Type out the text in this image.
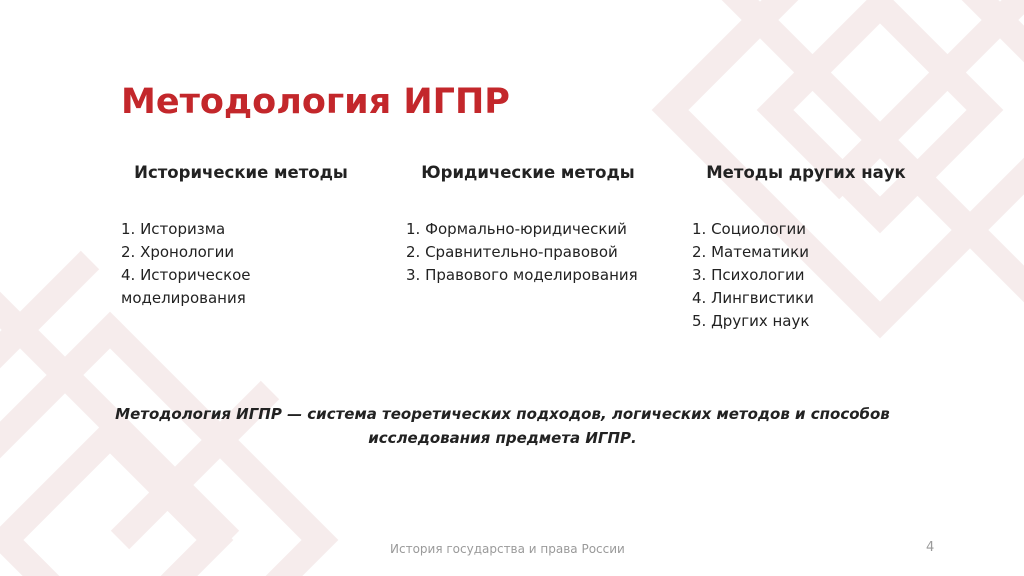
Методология ИГПР

Исторические методы

1. Историзма
2. Хронологии
4. Историческое моделирования

Юридические методы

1. Формально-юридический
2. Сравнительно-правовой
3. Правового моделирования

Методы других наук

1. Социологии
2. Математики
3. Психологии
4. Лингвистики
5. Других наук

Методология ИГПР — система теоретических подходов, логических методов и способов исследования предмета ИГПР.

История государства и права России	4
